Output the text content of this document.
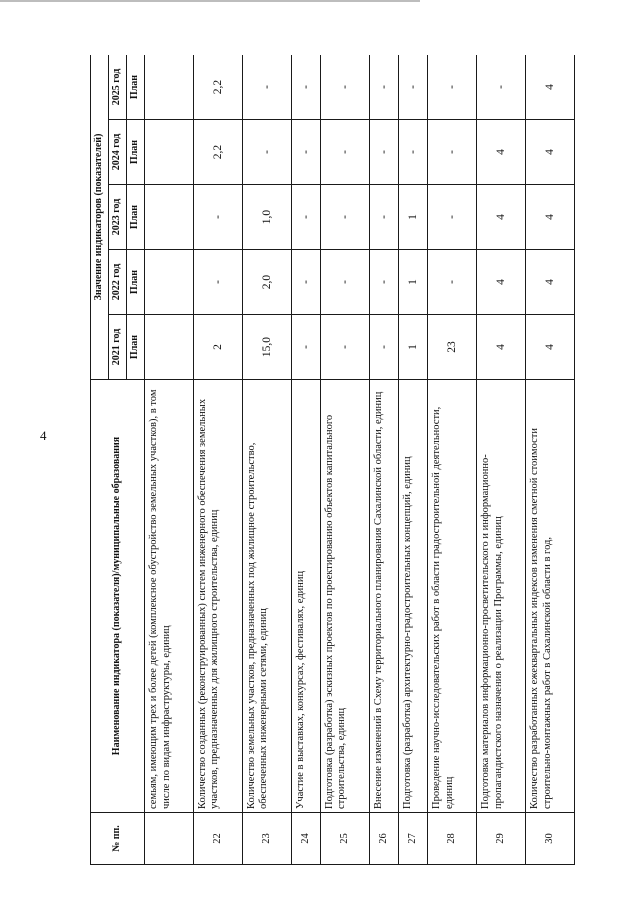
4
№ пп.	Наименование индикатора (показателя)/муниципальные образования	Значение индикаторов (показателей)				
		2021 год	2022 год	2023 год	2024 год	2025 год
		План	План	План	План	План
	семьям, имеющим трех и более детей (комплексное обустройство земельных участков), в том числе по видам инфраструктуры, единиц					
22	Количество созданных (реконструированных) систем инженерного обеспечения земельных участков, предназначенных для жилищного строительства, единиц	2	-	-	2,2	2,2
23	Количество земельных участков, предназначенных под жилищное строительство, обеспеченных инженерными сетями, единиц	15,0	2,0	1,0	-	-
24	Участие в выставках, конкурсах, фестивалях, единиц	-	-	-	-	-
25	Подготовка (разработка) эскизных проектов по проектированию объектов капитального строительства, единиц	-	-	-	-	-
26	Внесение изменений в Схему территориального планирования Сахалинской области, единиц	-	-	-	-	-
27	Подготовка (разработка) архитектурно-градостроительных концепций, единиц	1	1	1	-	-
28	Проведение научно-исследовательских работ в области градостроительной деятельности, единиц	23	-	-	-	-
29	Подготовка материалов информационно-просветительского и информационно-пропагандистского назначения о реализации Программы, единиц	4	4	4	4	-
30	Количество разработанных ежеквартальных индексов изменения сметной стоимости строительно-монтажных работ в Сахалинской области в год,	4	4	4	4	4
